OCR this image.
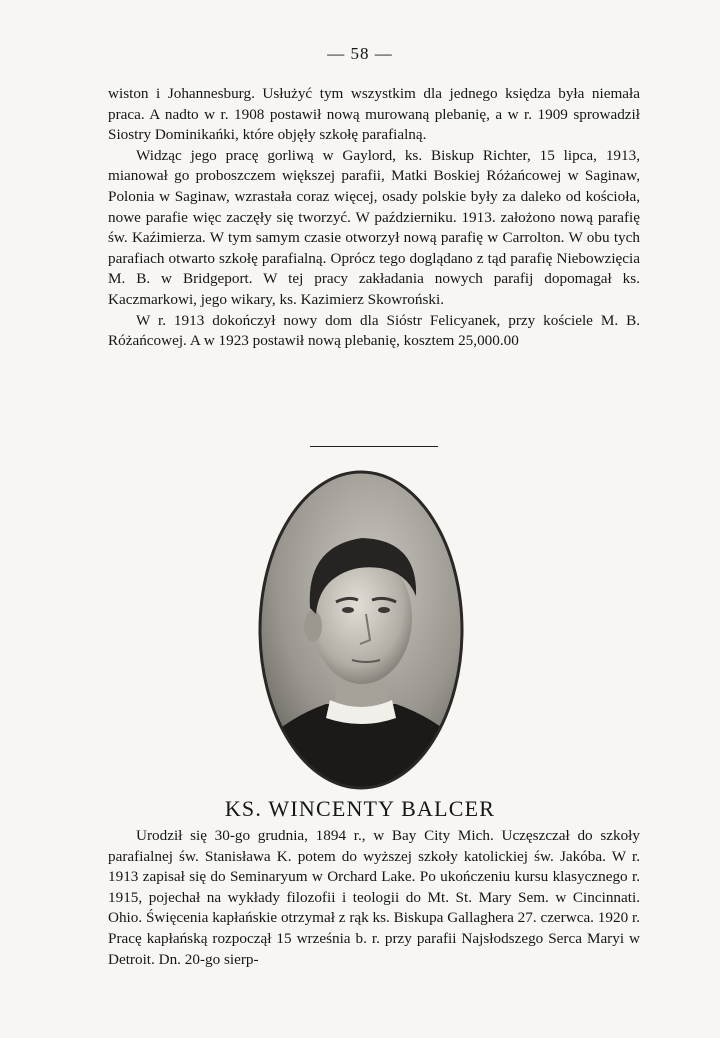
— 58 —

wiston i Johannesburg. Usłużyć tym wszystkim dla jednego księdza była niemała praca. A nadto w r. 1908 postawił nową murowaną plebanię, a w r. 1909 sprowadził Siostry Dominikańki, które objęły szkołę parafialną.

Widząc jego pracę gorliwą w Gaylord, ks. Biskup Richter, 15 lipca, 1913, mianował go proboszczem większej parafii, Matki Boskiej Różańcowej w Saginaw, Polonia w Saginaw, wzrastała coraz więcej, osady polskie były za daleko od kościoła, nowe parafie więc zaczęły się tworzyć. W październiku. 1913. założono nową parafię św. Kaźimierza. W tym samym czasie otworzył nową parafię w Carrolton. W obu tych parafiach otwarto szkołę parafialną. Oprócz tego doglądano z tąd parafię Niebowzięcia M. B. w Bridgeport. W tej pracy zakładania nowych parafij dopomagał ks. Kaczmarkowi, jego wikary, ks. Kazimierz Skowroński.

W r. 1913 dokończył nowy dom dla Sióstr Felicyanek, przy kościele M. B. Różańcowej. A w 1923 postawił nową plebanię, kosztem 25,000.00

KS. WINCENTY BALCER

Urodził się 30-go grudnia, 1894 r., w Bay City Mich. Uczęszczał do szkoły parafialnej św. Stanisława K. potem do wyższej szkoły katolickiej św. Jakóba. W r. 1913 zapisał się do Seminaryum w Orchard Lake. Po ukończeniu kursu klasycznego r. 1915, pojechał na wykłady filozofii i teologii do Mt. St. Mary Sem. w Cincinnati. Ohio. Święcenia kapłańskie otrzymał z rąk ks. Biskupa Gallaghera 27. czerwca. 1920 r. Pracę kapłańską rozpoczął 15 września b. r. przy parafii Najsłodszego Serca Maryi w Detroit. Dn. 20-go sierp-
